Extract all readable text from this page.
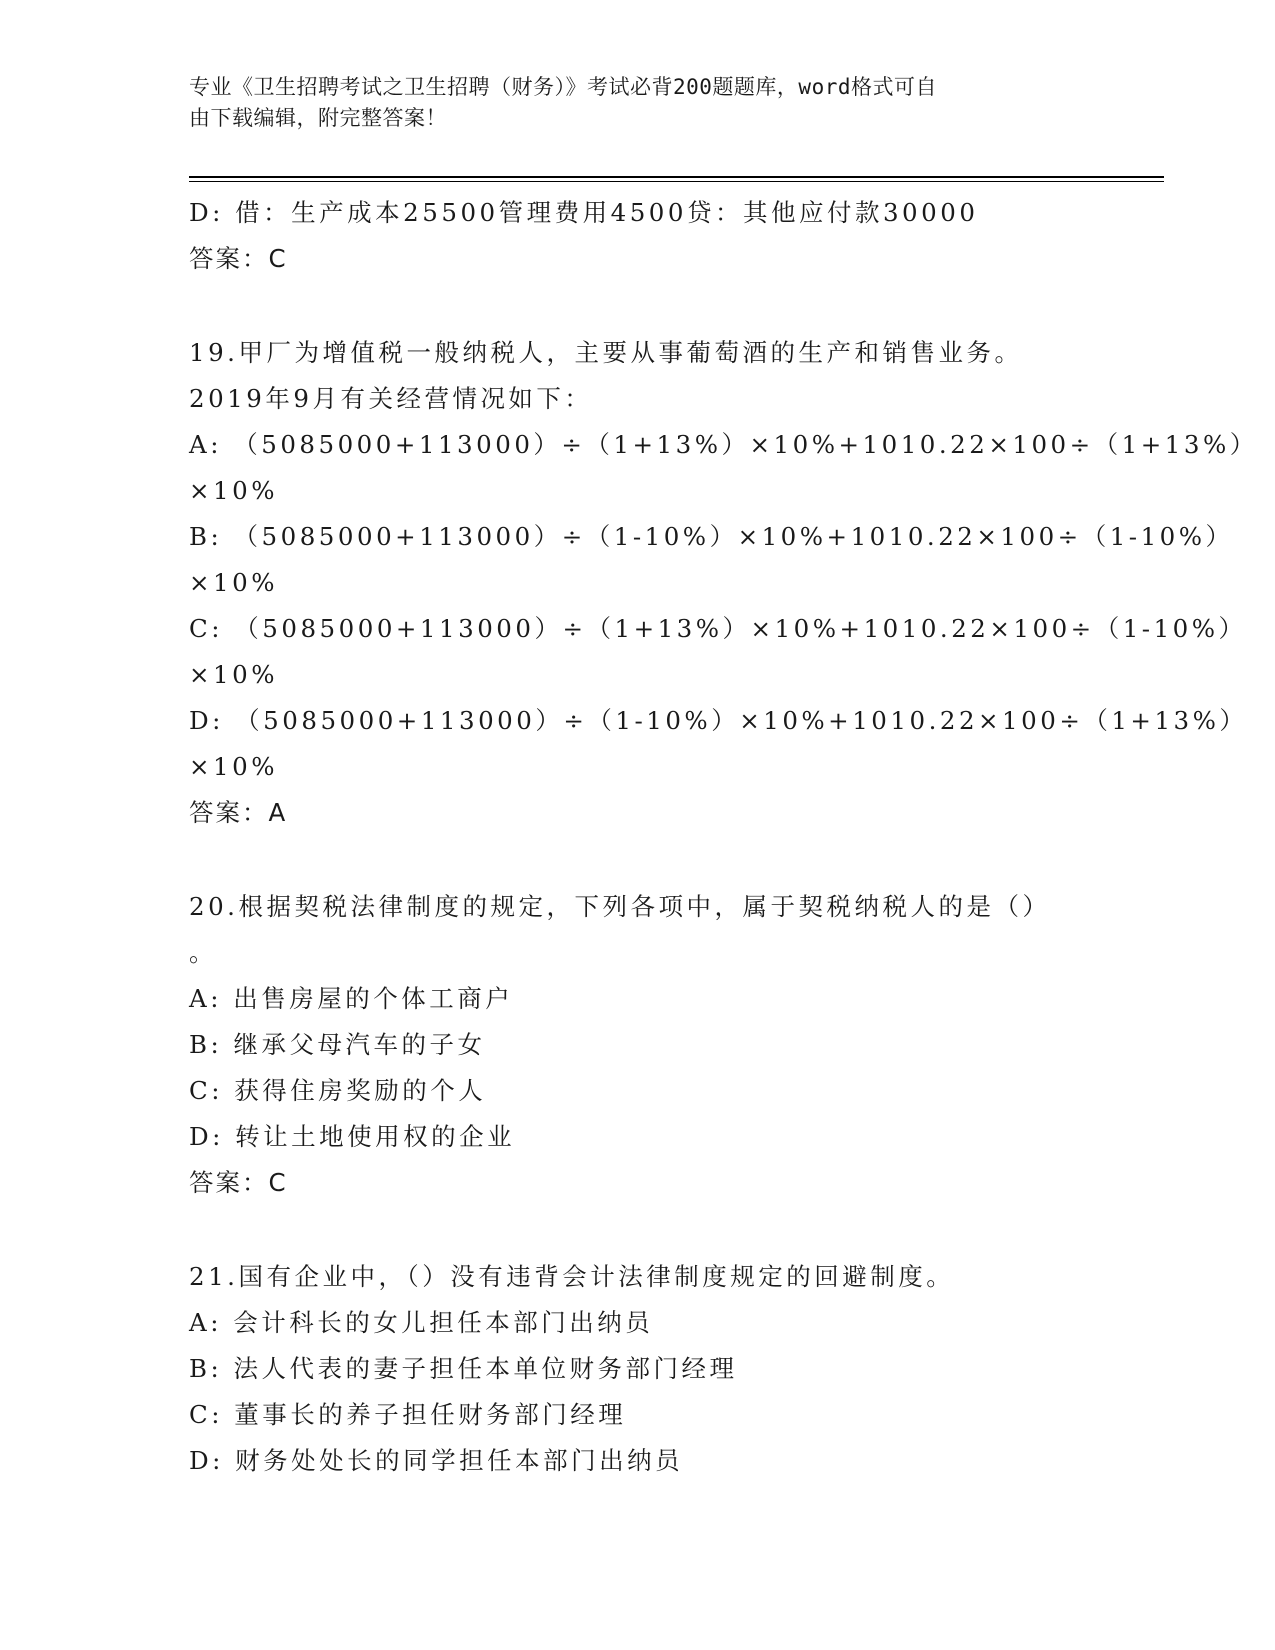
专业《卫生招聘考试之卫生招聘（财务）》考试必背200题题库，word格式可自
由下载编辑，附完整答案！
D: 借：生产成本25500管理费用4500贷：其他应付款30000
答案：C
19.甲厂为增值税一般纳税人，主要从事葡萄酒的生产和销售业务。
2019年9月有关经营情况如下：
A: （5085000+113000）÷（1+13%）×10%+1010.22×100÷（1+13%）
×10%
B: （5085000+113000）÷（1-10%）×10%+1010.22×100÷（1-10%）
×10%
C: （5085000+113000）÷（1+13%）×10%+1010.22×100÷（1-10%）
×10%
D: （5085000+113000）÷（1-10%）×10%+1010.22×100÷（1+13%）
×10%
答案：A
20.根据契税法律制度的规定，下列各项中，属于契税纳税人的是（）
。
A: 出售房屋的个体工商户
B: 继承父母汽车的子女
C: 获得住房奖励的个人
D: 转让土地使用权的企业
答案：C
21.国有企业中，（）没有违背会计法律制度规定的回避制度。
A: 会计科长的女儿担任本部门出纳员
B: 法人代表的妻子担任本单位财务部门经理
C: 董事长的养子担任财务部门经理
D: 财务处处长的同学担任本部门出纳员
